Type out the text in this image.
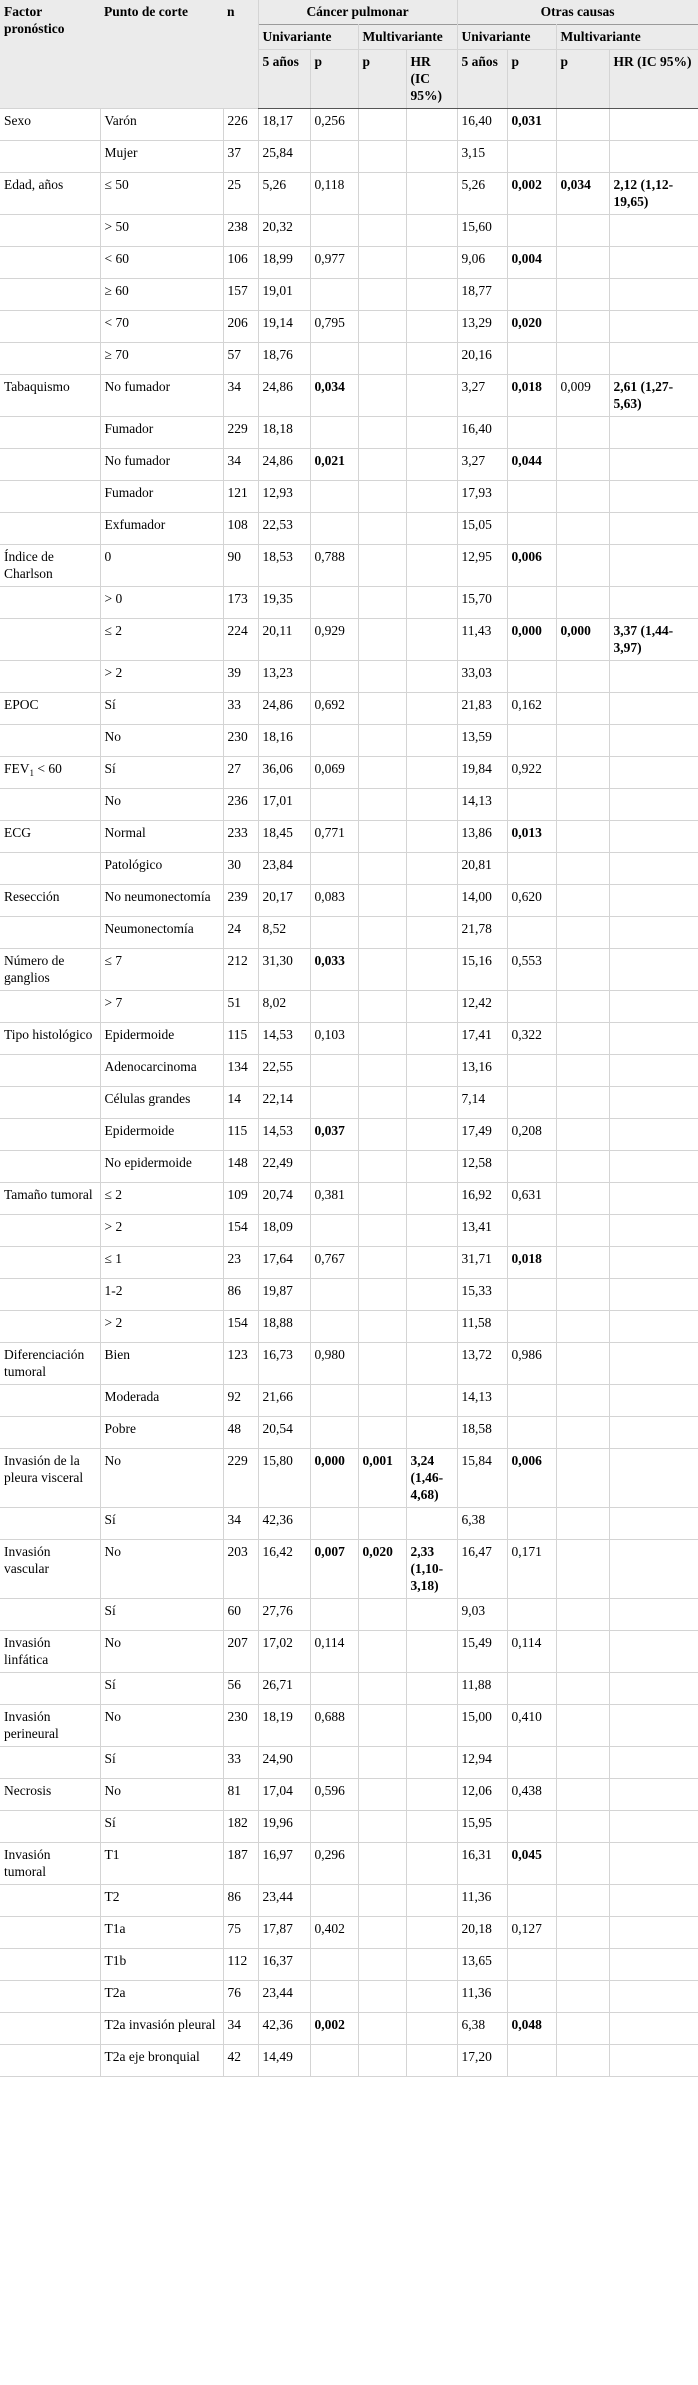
Factor pronóstico	Punto de corte	n	Cáncer pulmonar				Otras causas			
			Univariante		Multivariante		Univariante		Multivariante	
			5 años	p	p	HR (IC 95%)	5 años	p	p	HR (IC 95%)
Sexo	Varón	226	18,17	0,256			16,40	0,031		
	Mujer	37	25,84				3,15			
Edad, años	≤ 50	25	5,26	0,118			5,26	0,002	0,034	2,12 (1,12-19,65)
	> 50	238	20,32				15,60			
	< 60	106	18,99	0,977			9,06	0,004		
	≥ 60	157	19,01				18,77			
	< 70	206	19,14	0,795			13,29	0,020		
	≥ 70	57	18,76				20,16			
Tabaquismo	No fumador	34	24,86	0,034			3,27	0,018	0,009	2,61 (1,27-5,63)
	Fumador	229	18,18				16,40			
	No fumador	34	24,86	0,021			3,27	0,044		
	Fumador	121	12,93				17,93			
	Exfumador	108	22,53				15,05			
Índice de Charlson	0	90	18,53	0,788			12,95	0,006		
	> 0	173	19,35				15,70			
	≤ 2	224	20,11	0,929			11,43	0,000	0,000	3,37 (1,44-3,97)
	> 2	39	13,23				33,03			
EPOC	Sí	33	24,86	0,692			21,83	0,162		
	No	230	18,16				13,59			
$FEV_1 < 60$	Sí	27	36,06	0,069			19,84	0,922		
	No	236	17,01				14,13			
ECG	Normal	233	18,45	0,771			13,86	0,013		
	Patológico	30	23,84				20,81			
Resección	No neumonectomía	239	20,17	0,083			14,00	0,620		
	Neumonectomía	24	8,52				21,78			
Número de ganglios	≤ 7	212	31,30	0,033			15,16	0,553		
	> 7	51	8,02				12,42			
Tipo histológico	Epidermoide	115	14,53	0,103			17,41	0,322		
	Adenocarcinoma	134	22,55				13,16			
	Células grandes	14	22,14				7,14			
	Epidermoide	115	14,53	0,037			17,49	0,208		
	No epidermoide	148	22,49				12,58			
Tamaño tumoral	≤ 2	109	20,74	0,381			16,92	0,631		
	> 2	154	18,09				13,41			
	≤ 1	23	17,64	0,767			31,71	0,018		
	1-2	86	19,87				15,33			
	> 2	154	18,88				11,58			
Diferenciación tumoral	Bien	123	16,73	0,980			13,72	0,986		
	Moderada	92	21,66				14,13			
	Pobre	48	20,54				18,58			
Invasión de la pleura visceral	No	229	15,80	0,000	0,001	3,24 (1,46-4,68)	15,84	0,006		
	Sí	34	42,36				6,38			
Invasión vascular	No	203	16,42	0,007	0,020	2,33 (1,10-3,18)	16,47	0,171		
	Sí	60	27,76				9,03			
Invasión linfática	No	207	17,02	0,114			15,49	0,114		
	Sí	56	26,71				11,88			
Invasión perineural	No	230	18,19	0,688			15,00	0,410		
	Sí	33	24,90				12,94			
Necrosis	No	81	17,04	0,596			12,06	0,438		
	Sí	182	19,96				15,95			
Invasión tumoral	T1	187	16,97	0,296			16,31	0,045		
	T2	86	23,44				11,36			
	T1a	75	17,87	0,402			20,18	0,127		
	T1b	112	16,37				13,65			
	T2a	76	23,44				11,36			
	T2a invasión pleural	34	42,36	0,002			6,38	0,048		
	T2a eje bronquial	42	14,49				17,20			
